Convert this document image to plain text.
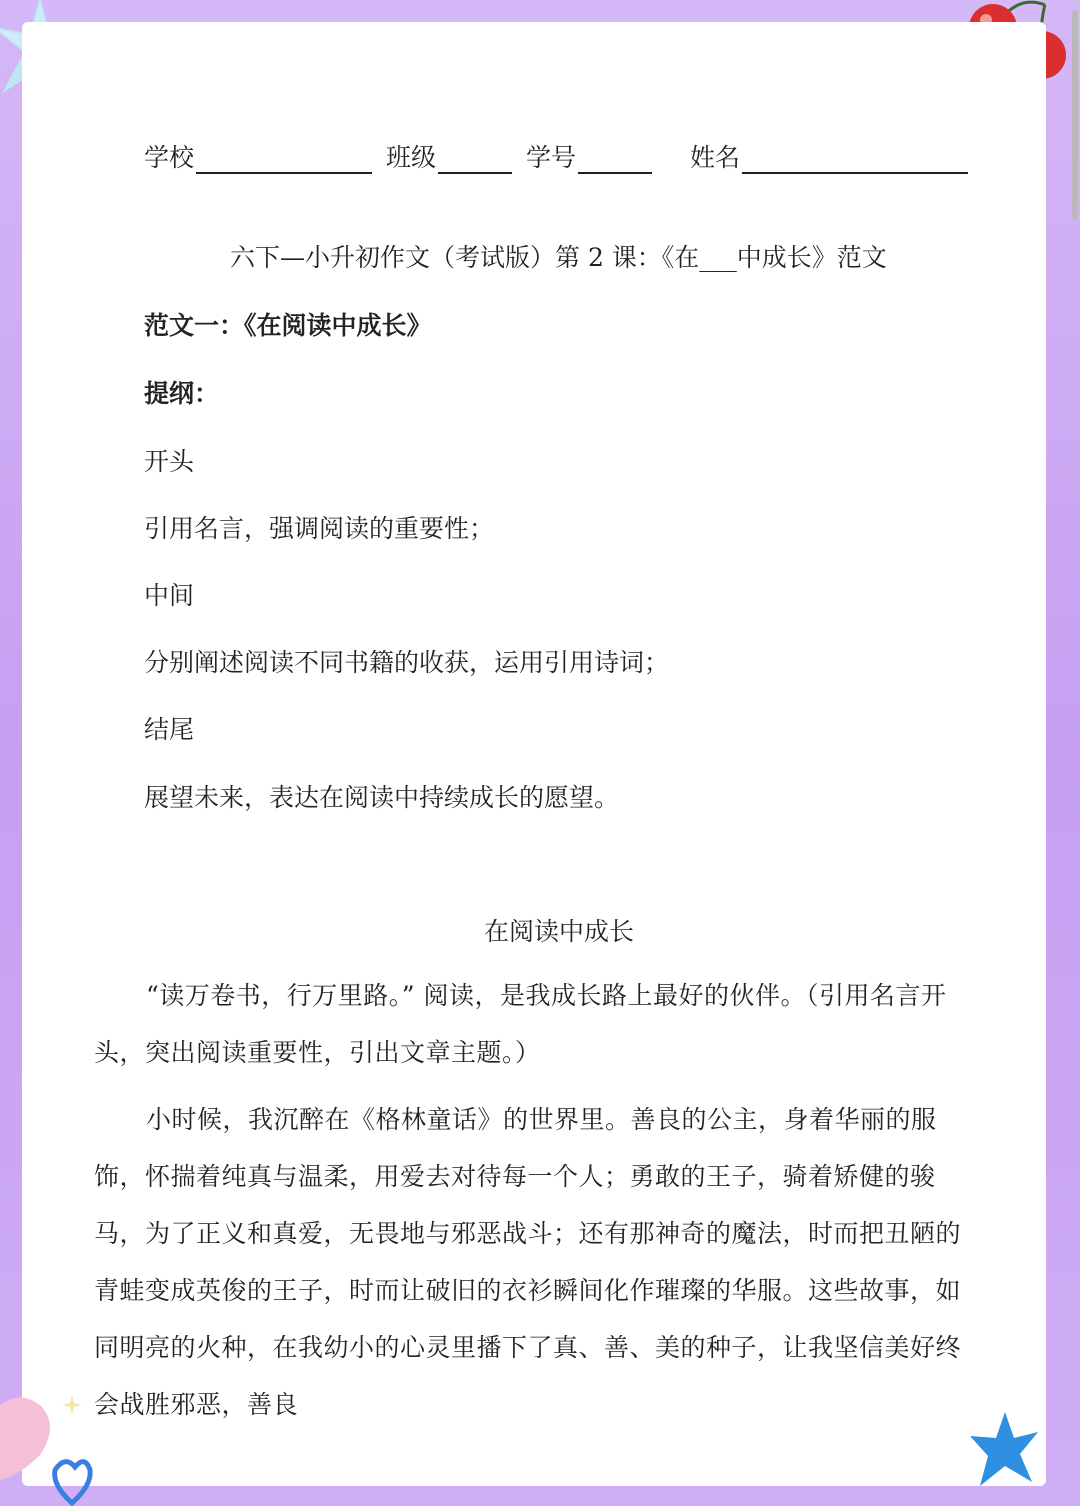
学校	班级	学号	姓名
六下—小升初作文（考试版）第 2 课：《在___中成长》范文
范文一：《在阅读中成长》
提纲：
开头
引用名言，强调阅读的重要性；
中间
分别阐述阅读不同书籍的收获，运用引用诗词；
结尾
展望未来，表达在阅读中持续成长的愿望。
在阅读中成长
“读万卷书，行万里路。” 阅读，是我成长路上最好的伙伴。（引用名言开头，突出阅读重要性，引出文章主题。）
小时候，我沉醉在《格林童话》的世界里。善良的公主，身着华丽的服饰，怀揣着纯真与温柔，用爱去对待每一个人；勇敢的王子，骑着矫健的骏马，为了正义和真爱，无畏地与邪恶战斗；还有那神奇的魔法，时而把丑陋的青蛙变成英俊的王子，时而让破旧的衣衫瞬间化作璀璨的华服。这些故事，如同明亮的火种，在我幼小的心灵里播下了真、善、美的种子，让我坚信美好终会战胜邪恶，善良
